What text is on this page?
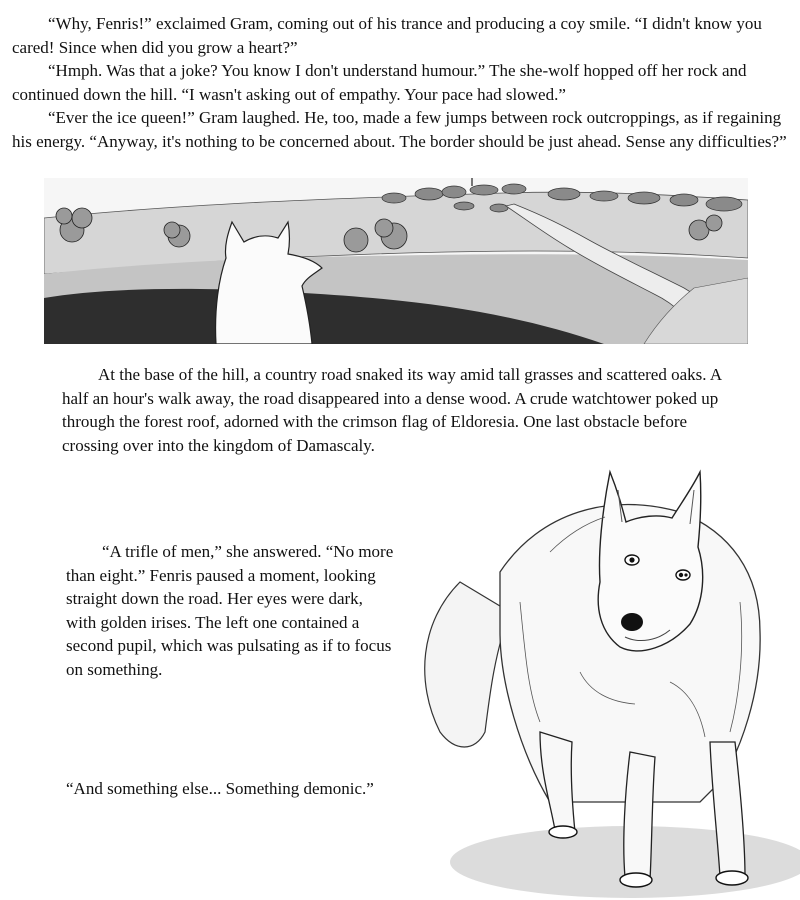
“Why, Fenris!” exclaimed Gram, coming out of his trance and producing a coy smile. “I didn't know you cared! Since when did you grow a heart?”

“Hmph. Was that a joke? You know I don't understand humour.” The she-wolf hopped off her rock and continued down the hill. “I wasn't asking out of empathy. Your pace had slowed.”

“Ever the ice queen!” Gram laughed. He, too, made a few jumps between rock outcroppings, as if regaining his energy. “Anyway, it's nothing to be concerned about. The border should be just ahead. Sense any difficulties?”

At the base of the hill, a country road snaked its way amid tall grasses and scattered oaks. A half an hour's walk away, the road disappeared into a dense wood. A crude watchtower poked up through the forest roof, adorned with the crimson flag of Eldoresia. One last obstacle before crossing over into the kingdom of Damascaly.

“A trifle of men,” she answered. “No more than eight.” Fenris paused a moment, looking straight down the road. Her eyes were dark, with golden irises. The left one contained a second pupil, which was pulsating as if to focus on something.

“And something else... Something demonic.”
